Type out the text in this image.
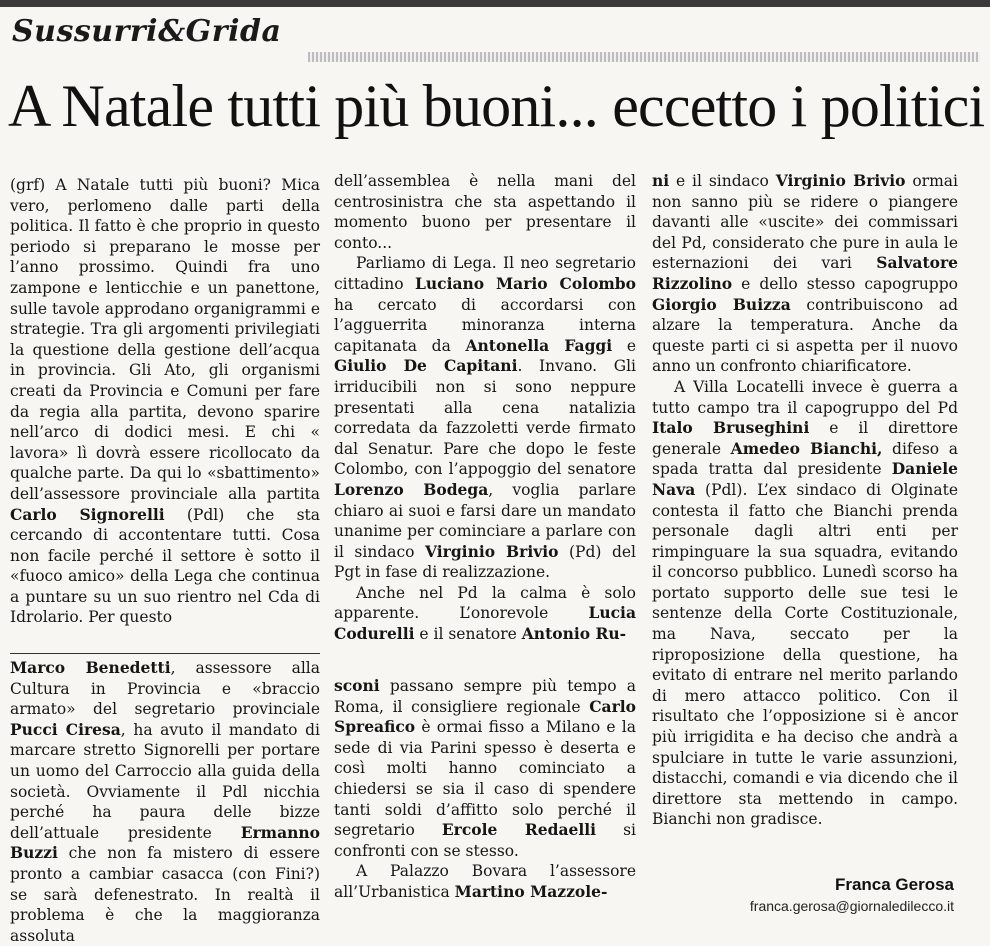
Sussurri&Grida
A Natale tutti più buoni... eccetto i politici

(grf) A Natale tutti più buoni? Mica vero, perlomeno dalle parti della politica. Il fatto è che proprio in questo periodo si preparano le mosse per l’anno prossimo. Quindi fra uno zampone e lenticchie e un panettone, sulle tavole approdano organigrammi e strategie. Tra gli argomenti privilegiati la questione della gestione dell’acqua in provincia. Gli Ato, gli organismi creati da Provincia e Comuni per fare da regia alla partita, devono sparire nell’arco di dodici mesi. E chi « lavora» lì dovrà essere ricollocato da qualche parte. Da qui lo «sbattimento» dell’assessore provinciale alla partita Carlo Signorelli (Pdl) che sta cercando di accontentare tutti. Cosa non facile perché il settore è sotto il «fuoco amico» della Lega che continua a puntare su un suo rientro nel Cda di Idrolario. Per questo

Marco Benedetti, assessore alla Cultura in Provincia e «braccio armato» del segretario provinciale Pucci Ciresa, ha avuto il mandato di marcare stretto Signorelli per portare un uomo del Carroccio alla guida della società. Ovviamente il Pdl nicchia perché ha paura delle bizze dell’attuale presidente Ermanno Buzzi che non fa mistero di essere pronto a cambiar casacca (con Fini?) se sarà defenestrato. In realtà il problema è che la maggioranza assoluta

dell’assemblea è nella mani del centrosinistra che sta aspettando il momento buono per presentare il conto...

Parliamo di Lega. Il neo segretario cittadino Luciano Mario Colombo ha cercato di accordarsi con l’agguerrita minoranza interna capitanata da Antonella Faggi e Giulio De Capitani. Invano. Gli irriducibili non si sono neppure presentati alla cena natalizia corredata da fazzoletti verde firmato dal Senatur. Pare che dopo le feste Colombo, con l’appoggio del senatore Lorenzo Bodega, voglia parlare chiaro ai suoi e farsi dare un mandato unanime per cominciare a parlare con il sindaco Virginio Brivio (Pd) del Pgt in fase di realizzazione.

Anche nel Pd la calma è solo apparente. L’onorevole Lucia Codurelli e il senatore Antonio Ru-

sconi passano sempre più tempo a Roma, il consigliere regionale Carlo Spreafico è ormai fisso a Milano e la sede di via Parini spesso è deserta e così molti hanno cominciato a chiedersi se sia il caso di spendere tanti soldi d’affitto solo perché il segretario Ercole Redaelli si confronti con se stesso.

A Palazzo Bovara l’assessore all’Urbanistica Martino Mazzole-

ni e il sindaco Virginio Brivio ormai non sanno più se ridere o piangere davanti alle «uscite» dei commissari del Pd, considerato che pure in aula le esternazioni dei vari Salvatore Rizzolino e dello stesso capogruppo Giorgio Buizza contribuiscono ad alzare la temperatura. Anche da queste parti ci si aspetta per il nuovo anno un confronto chiarificatore.

A Villa Locatelli invece è guerra a tutto campo tra il capogruppo del Pd Italo Bruseghini e il direttore generale Amedeo Bianchi, difeso a spada tratta dal presidente Daniele Nava (Pdl). L’ex sindaco di Olginate contesta il fatto che Bianchi prenda personale dagli altri enti per rimpinguare la sua squadra, evitando il concorso pubblico. Lunedì scorso ha portato supporto delle sue tesi le sentenze della Corte Costituzionale, ma Nava, seccato per la riproposizione della questione, ha evitato di entrare nel merito parlando di mero attacco politico. Con il risultato che l’opposizione si è ancor più irrigidita e ha deciso che andrà a spulciare in tutte le varie assunzioni, distacchi, comandi e via dicendo che il direttore sta mettendo in campo. Bianchi non gradisce.

Franca Gerosa
franca.gerosa@giornaledilecco.it
